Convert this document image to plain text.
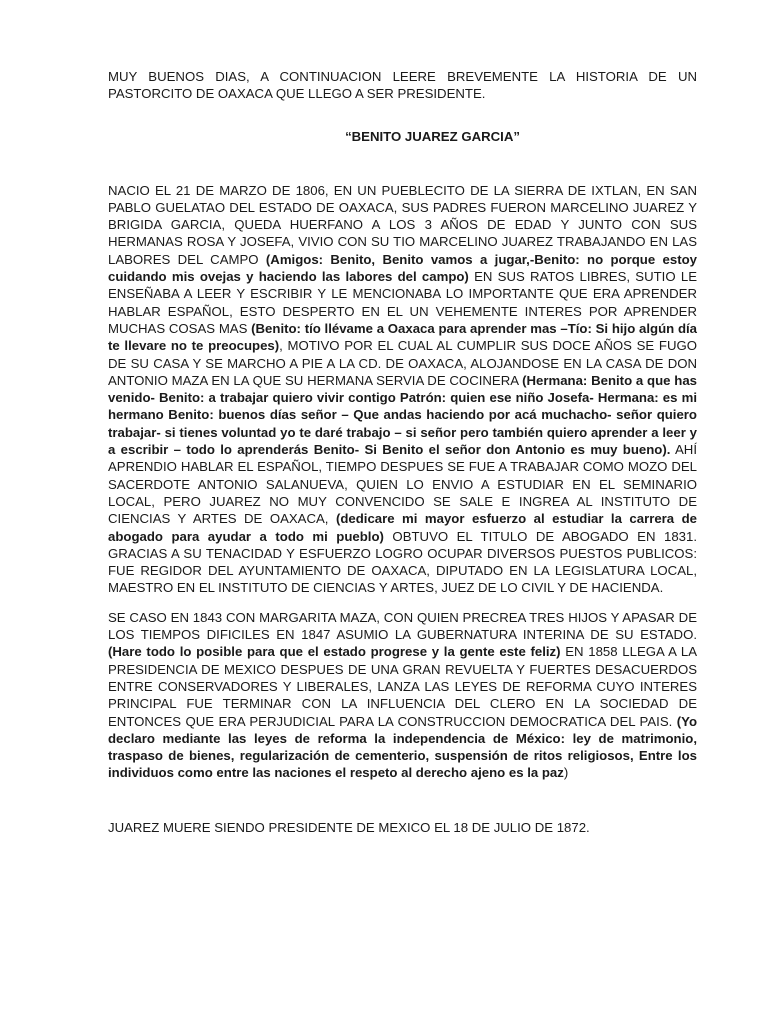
MUY BUENOS DIAS, A CONTINUACION LEERE BREVEMENTE LA HISTORIA DE UN PASTORCITO DE OAXACA QUE LLEGO A SER PRESIDENTE.

“BENITO JUAREZ GARCIA”

NACIO EL 21 DE MARZO DE 1806, EN UN PUEBLECITO DE LA SIERRA DE IXTLAN, EN SAN PABLO GUELATAO DEL ESTADO DE OAXACA, SUS PADRES FUERON MARCELINO JUAREZ Y BRIGIDA GARCIA, QUEDA HUERFANO A LOS 3 AÑOS DE EDAD Y JUNTO CON SUS HERMANAS ROSA Y JOSEFA, VIVIO CON SU TIO MARCELINO JUAREZ TRABAJANDO EN LAS LABORES DEL CAMPO (Amigos: Benito, Benito vamos a jugar,-Benito: no porque estoy cuidando mis ovejas y haciendo las labores del campo) EN SUS RATOS LIBRES, SUTIO LE ENSEÑABA A LEER Y ESCRIBIR Y LE MENCIONABA LO IMPORTANTE QUE ERA APRENDER HABLAR ESPAÑOL, ESTO DESPERTO EN EL UN VEHEMENTE INTERES POR APRENDER MUCHAS COSAS MAS (Benito: tío llévame a Oaxaca para aprender mas –Tío: Si hijo algún día te llevare no te preocupes), MOTIVO POR EL CUAL AL CUMPLIR SUS DOCE AÑOS SE FUGO DE SU CASA Y SE MARCHO A PIE A LA CD. DE OAXACA, ALOJANDOSE EN LA CASA DE DON ANTONIO MAZA EN LA QUE SU HERMANA SERVIA DE COCINERA (Hermana: Benito a que has venido- Benito: a trabajar quiero vivir contigo Patrón: quien ese niño Josefa- Hermana: es mi hermano Benito: buenos días señor – Que andas haciendo por acá muchacho- señor quiero trabajar- si tienes voluntad yo te daré trabajo – si señor pero también quiero aprender a leer y a escribir – todo lo aprenderás Benito- Si Benito el señor don Antonio es muy bueno). AHÍ APRENDIO HABLAR EL ESPAÑOL, TIEMPO DESPUES SE FUE A TRABAJAR COMO MOZO DEL SACERDOTE ANTONIO SALANUEVA, QUIEN LO ENVIO A ESTUDIAR EN EL SEMINARIO LOCAL, PERO JUAREZ NO MUY CONVENCIDO SE SALE E INGREA AL INSTITUTO DE CIENCIAS Y ARTES DE OAXACA, (dedicare mi mayor esfuerzo al estudiar la carrera de abogado para ayudar a todo mi pueblo) OBTUVO EL TITULO DE ABOGADO EN 1831. GRACIAS A SU TENACIDAD Y ESFUERZO LOGRO OCUPAR DIVERSOS PUESTOS PUBLICOS: FUE REGIDOR DEL AYUNTAMIENTO DE OAXACA, DIPUTADO EN LA LEGISLATURA LOCAL, MAESTRO EN EL INSTITUTO DE CIENCIAS Y ARTES, JUEZ DE LO CIVIL Y DE HACIENDA.

SE CASO EN 1843 CON MARGARITA MAZA, CON QUIEN PRECREA TRES HIJOS Y APASAR DE LOS TIEMPOS DIFICILES EN 1847 ASUMIO LA GUBERNATURA INTERINA DE SU ESTADO. (Hare todo lo posible para que el estado progrese y la gente este feliz) EN 1858 LLEGA A LA PRESIDENCIA DE MEXICO DESPUES DE UNA GRAN REVUELTA Y FUERTES DESACUERDOS ENTRE CONSERVADORES Y LIBERALES, LANZA LAS LEYES DE REFORMA CUYO INTERES PRINCIPAL FUE TERMINAR CON LA INFLUENCIA DEL CLERO EN LA SOCIEDAD DE ENTONCES QUE ERA PERJUDICIAL PARA LA CONSTRUCCION DEMOCRATICA DEL PAIS. (Yo declaro mediante las leyes de reforma la independencia de México: ley de matrimonio, traspaso de bienes, regularización de cementerio, suspensión de ritos religiosos, Entre los individuos como entre las naciones el respeto al derecho ajeno es la paz)

JUAREZ MUERE SIENDO PRESIDENTE DE MEXICO EL 18 DE JULIO DE 1872.
